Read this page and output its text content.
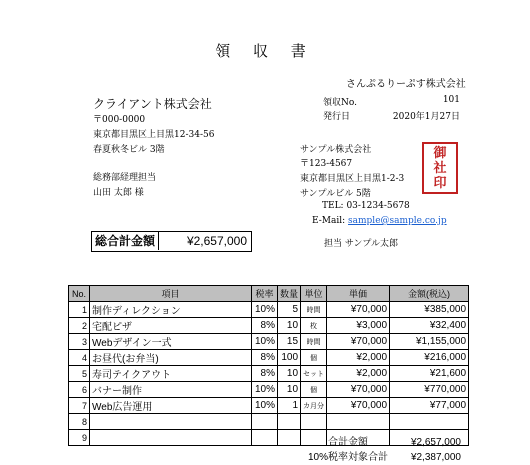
領 収 書
さんぷるりーぷす株式会社
領収No.	101
発行日	2020年1月27日
クライアント株式会社
〒000-0000
東京都目黒区上目黒12-34-56
春夏秋冬ビル 3階
総務部経理担当
山田 太郎 様
サンプル株式会社
〒123-4567
東京都目黒区上目黒1-2-3
サンプルビル 5階
TEL: 03-1234-5678
E-Mail: sample@sample.co.jp
担当 サンプル太郎
御
社
印
総合計金額	¥2,657,000
No.	項目	税率	数量	単位	単価	金額(税込)
1	制作ディレクション	10%	5	時間	¥70,000	¥385,000
2	宅配ピザ	8%	10	枚	¥3,000	¥32,400
3	Webデザイン一式	10%	15	時間	¥70,000	¥1,155,000
4	お昼代(お弁当)	8%	100	個	¥2,000	¥216,000
5	寿司テイクアウト	8%	10	セット	¥2,000	¥21,600
6	バナー制作	10%	10	個	¥70,000	¥770,000
7	Web広告運用	10%	1	カ月分	¥70,000	¥77,000
8						
9							合計金額	¥2,657,000
10%税率対象合計	¥2,387,000
